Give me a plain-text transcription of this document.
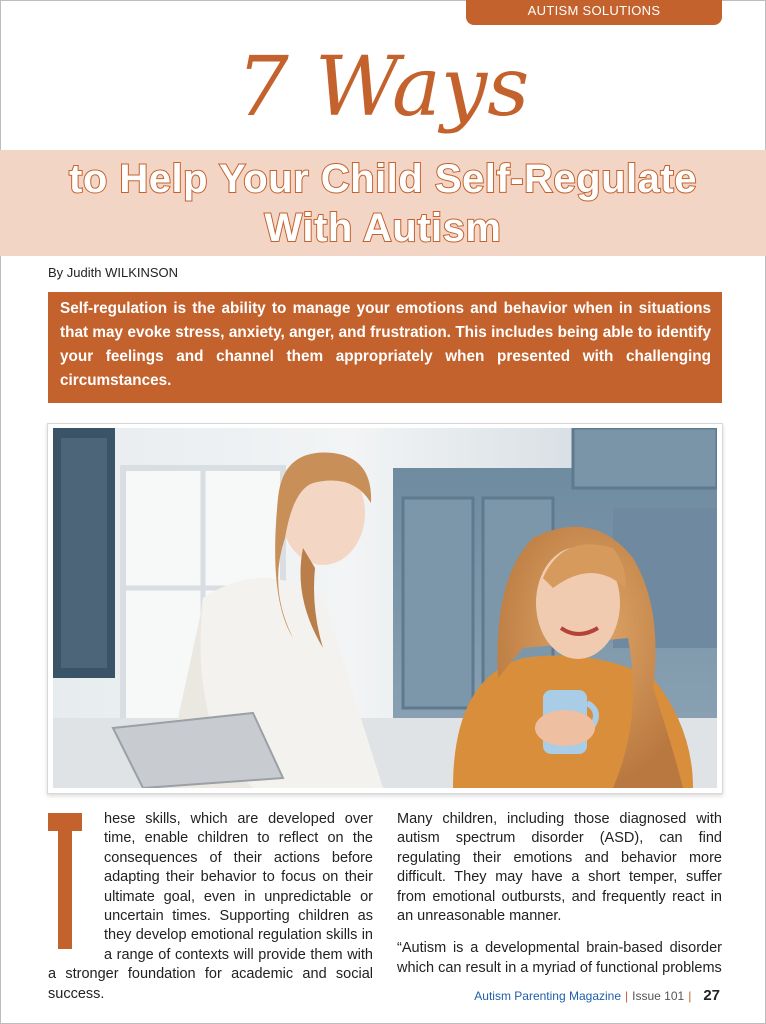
AUTISM SOLUTIONS
7 Ways
to Help Your Child Self-Regulate
With Autism
By Judith WILKINSON
Self-regulation is the ability to manage your emotions and behavior when in situations that may evoke stress, anxiety, anger, and frustration. This includes being able to identify your feelings and channel them appropriately when presented with challenging circumstances.
hese skills, which are developed over time, enable children to reflect on the consequences of their actions before adapting their behavior to focus on their ultimate goal, even in unpredictable or uncertain times. Supporting children as they develop emotional regulation skills in a range of contexts will provide them with a stronger foundation for academic and social success.

Many children, including those diagnosed with autism spectrum disorder (ASD), can find regulating their emotions and behavior more difficult. They may have a short temper, suffer from emotional outbursts, and frequently react in an unreasonable manner.

“Autism is a developmental brain-based disorder which can result in a myriad of functional problems

Autism Parenting Magazine | Issue 101 | 27
